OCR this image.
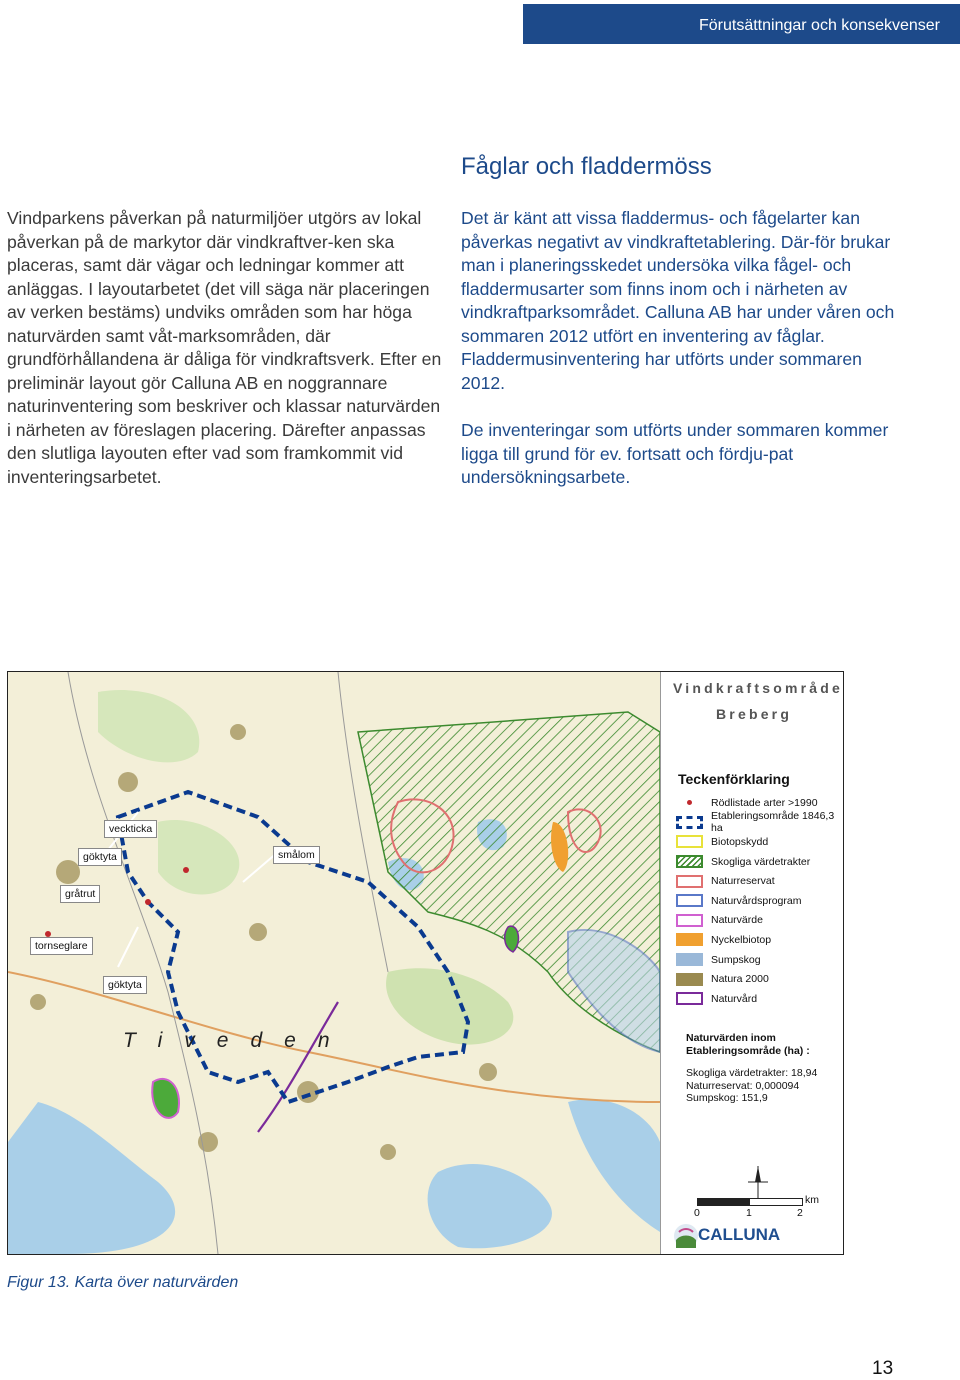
Förutsättningar och konsekvenser

Vindparkens påverkan på naturmiljöer utgörs av lokal påverkan på de markytor där vindkraftver-ken ska placeras, samt där vägar och ledningar kommer att anläggas. I layoutarbetet (det vill säga när placeringen av verken bestäms) undviks områden som har höga naturvärden samt våt-marksområden, där grundförhållandena är dåliga för vindkraftsverk. Efter en preliminär layout gör Calluna AB en noggrannare naturinventering som beskriver och klassar naturvärden i närheten av föreslagen placering. Därefter anpassas den slutliga layouten efter vad som framkommit vid inventeringsarbetet.

Fåglar och fladdermöss

Det är känt att vissa fladdermus- och fågelarter kan påverkas negativt av vindkraftetablering. Där-för brukar man i planeringsskedet undersöka vilka fågel- och fladdermusarter som finns inom och i närheten av vindkraftparksområdet. Calluna AB har under våren och sommaren 2012 utfört en inventering av fåglar. Fladdermusinventering har utförts under sommaren 2012.

De inventeringar som utförts under sommaren kommer ligga till grund för ev. fortsatt och fördju-pat undersökningsarbete.

veckticka
göktyta	smålom
gråtrut
tornseglare
göktyta
Tiveden
Vindkraftsområde
Breberg
Teckenförklaring
Rödlistade arter >1990
Etableringsområde 1846,3 ha
Biotopskydd
Skogliga värdetrakter
Naturreservat
Naturvårdsprogram
Naturvärde
Nyckelbiotop
Sumpskog
Natura 2000
Naturvård
Naturvärden inom Etableringsområde (ha) :
Skogliga värdetrakter: 18,94
Naturreservat: 0,000094
Sumpskog: 151,9
0	1	2
km
CALLUNA
Figur 13. Karta över naturvärden
13
